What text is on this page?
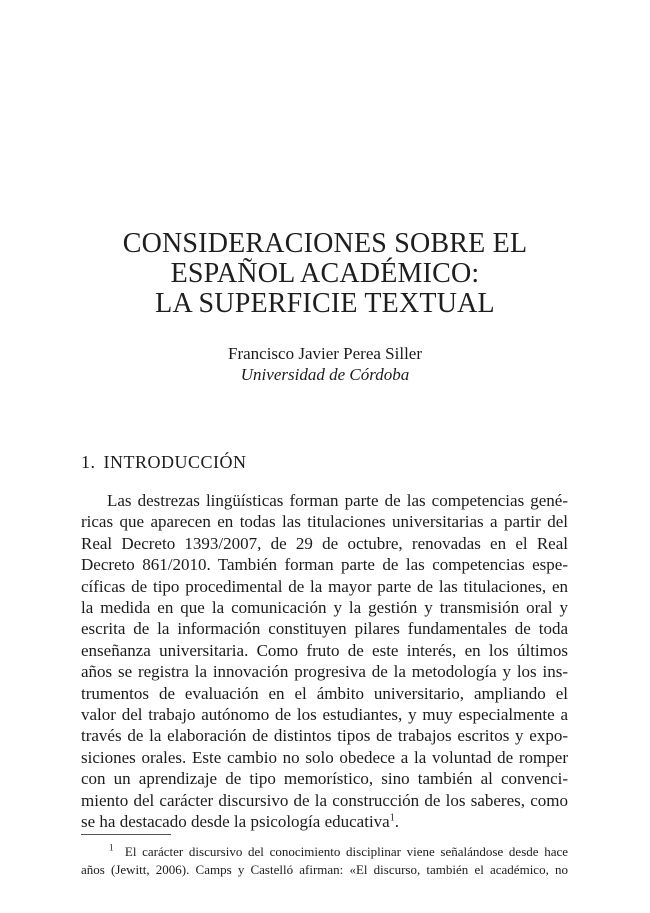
CONSIDERACIONES SOBRE EL
ESPAÑOL ACADÉMICO:
LA SUPERFICIE TEXTUAL
Francisco Javier Perea Siller
Universidad de Córdoba
1. INTRODUCCIÓN
Las destrezas lingüísticas forman parte de las competencias gené-
ricas que aparecen en todas las titulaciones universitarias a partir del
Real Decreto 1393/2007, de 29 de octubre, renovadas en el Real
Decreto 861/2010. También forman parte de las competencias espe-
cíficas de tipo procedimental de la mayor parte de las titulaciones, en
la medida en que la comunicación y la gestión y transmisión oral y
escrita de la información constituyen pilares fundamentales de toda
enseñanza universitaria. Como fruto de este interés, en los últimos
años se registra la innovación progresiva de la metodología y los ins-
trumentos de evaluación en el ámbito universitario, ampliando el
valor del trabajo autónomo de los estudiantes, y muy especialmente a
través de la elaboración de distintos tipos de trabajos escritos y expo-
siciones orales. Este cambio no solo obedece a la voluntad de romper
con un aprendizaje de tipo memorístico, sino también al convenci-
miento del carácter discursivo de la construcción de los saberes, como
se ha destacado desde la psicología educativa$^1$.
$^1$ El carácter discursivo del conocimiento disciplinar viene señalándose desde hace
años (Jewitt, 2006). Camps y Castelló afirman: «El discurso, también el académico, no
